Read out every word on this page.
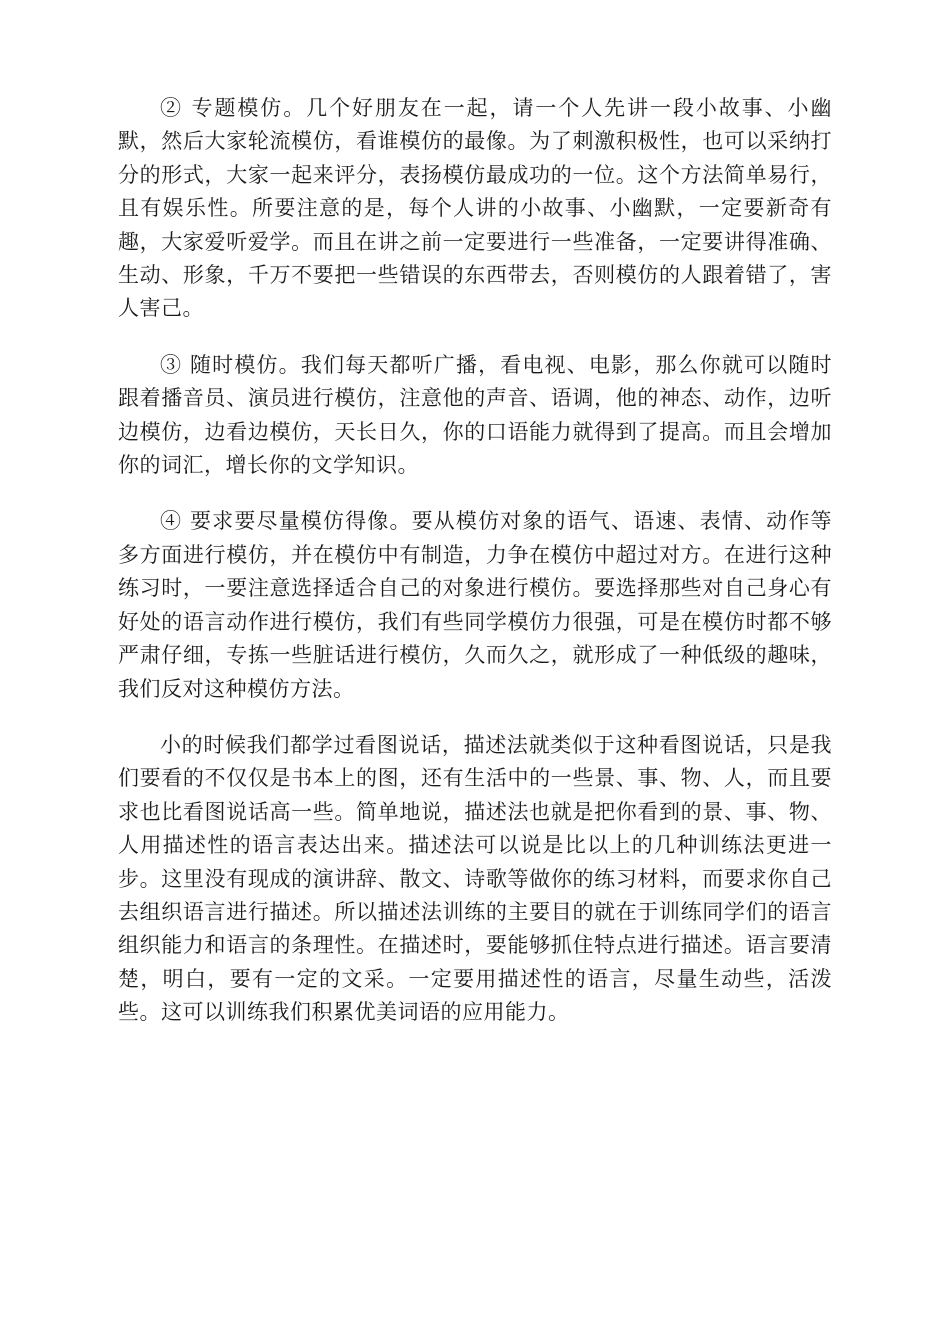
② 专题模仿。几个好朋友在一起，请一个人先讲一段小故事、小幽默，然后大家轮流模仿，看谁模仿的最像。为了刺激积极性，也可以采纳打分的形式，大家一起来评分，表扬模仿最成功的一位。这个方法简单易行，且有娱乐性。所要注意的是，每个人讲的小故事、小幽默，一定要新奇有趣，大家爱听爱学。而且在讲之前一定要进行一些准备，一定要讲得准确、生动、形象，千万不要把一些错误的东西带去，否则模仿的人跟着错了，害人害己。

③ 随时模仿。我们每天都听广播，看电视、电影，那么你就可以随时跟着播音员、演员进行模仿，注意他的声音、语调，他的神态、动作，边听边模仿，边看边模仿，天长日久，你的口语能力就得到了提高。而且会增加你的词汇，增长你的文学知识。

④ 要求要尽量模仿得像。要从模仿对象的语气、语速、表情、动作等多方面进行模仿，并在模仿中有制造，力争在模仿中超过对方。在进行这种练习时，一要注意选择适合自己的对象进行模仿。要选择那些对自己身心有好处的语言动作进行模仿，我们有些同学模仿力很强，可是在模仿时都不够严肃仔细，专拣一些脏话进行模仿，久而久之，就形成了一种低级的趣味，我们反对这种模仿方法。

小的时候我们都学过看图说话，描述法就类似于这种看图说话，只是我们要看的不仅仅是书本上的图，还有生活中的一些景、事、物、人，而且要求也比看图说话高一些。简单地说，描述法也就是把你看到的景、事、物、人用描述性的语言表达出来。描述法可以说是比以上的几种训练法更进一步。这里没有现成的演讲辞、散文、诗歌等做你的练习材料，而要求你自己去组织语言进行描述。所以描述法训练的主要目的就在于训练同学们的语言组织能力和语言的条理性。在描述时，要能够抓住特点进行描述。语言要清楚，明白，要有一定的文采。一定要用描述性的语言，尽量生动些，活泼些。这可以训练我们积累优美词语的应用能力。
